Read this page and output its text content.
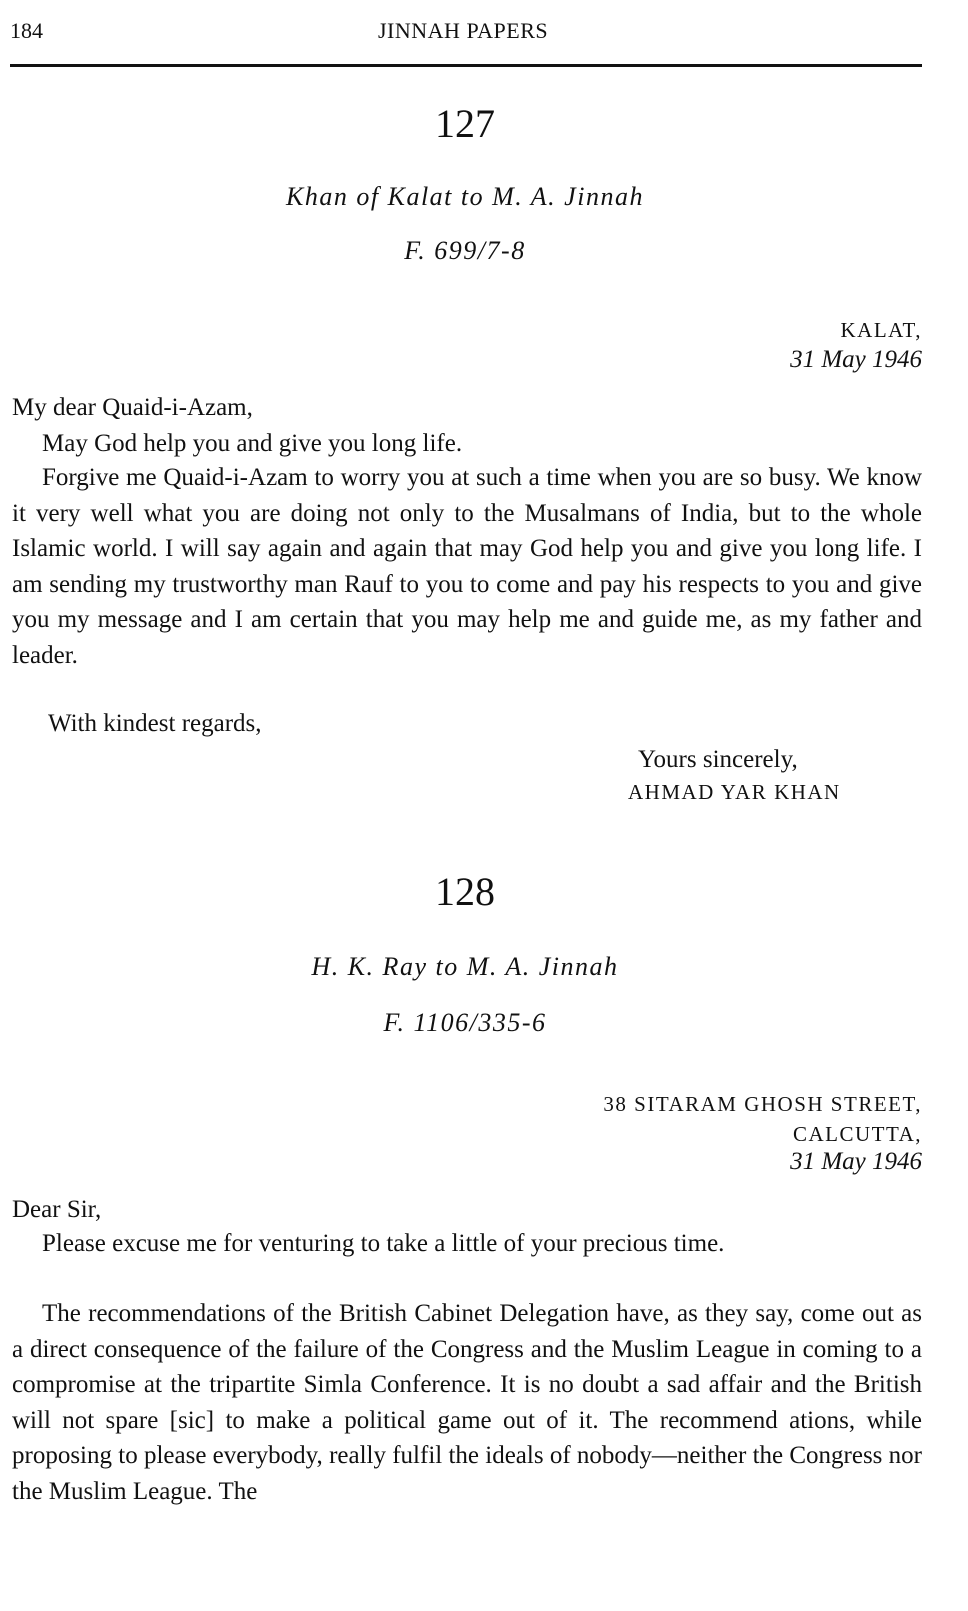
184	JINNAH PAPERS
127
Khan of Kalat to M. A. Jinnah
F. 699/7-8
KALAT,
31 May 1946
My dear Quaid-i-Azam,
May God help you and give you long life.
Forgive me Quaid-i-Azam to worry you at such a time when you are so busy. We know it very well what you are doing not only to the Musalmans of India, but to the whole Islamic world. I will say again and again that may God help you and give you long life. I am sending my trustworthy man Rauf to you to come and pay his respects to you and give you my message and I am certain that you may help me and guide me, as my father and leader.
With kindest regards,
Yours sincerely,
AHMAD YAR KHAN
128
H. K. Ray to M. A. Jinnah
F. 1106/335-6
38 SITARAM GHOSH STREET,
CALCUTTA,
31 May 1946
Dear Sir,
Please excuse me for venturing to take a little of your precious time.
The recommendations of the British Cabinet Delegation have, as they say, come out as a direct consequence of the failure of the Congress and the Muslim League in coming to a compromise at the tripartite Simla Conference. It is no doubt a sad affair and the British will not spare [sic] to make a political game out of it. The recommend ations, while proposing to please everybody, really fulfil the ideals of nobody—neither the Congress nor the Muslim League. The
